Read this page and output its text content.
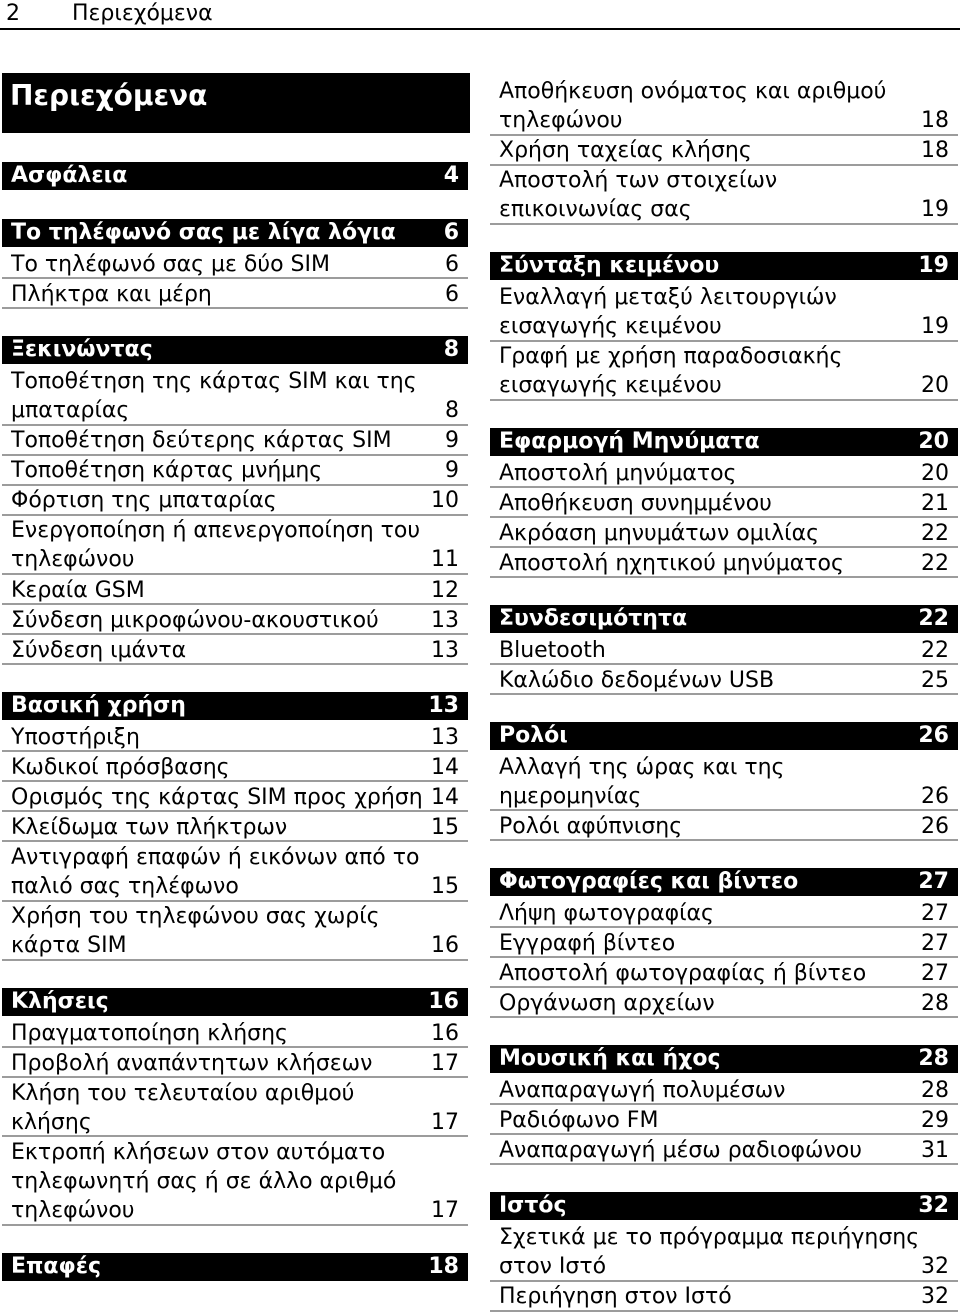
2 Περιεχόμενα
Περιεχόμενα
Ασφάλεια	4
Το τηλέφωνό σας με λίγα λόγια 6
Το τηλέφωνό σας με δύο SIM	6
Πλήκτρα και μέρη	6
Ξεκινώντας	8
Τοποθέτηση της κάρτας SIM και της
μπαταρίας	8
Τοποθέτηση δεύτερης κάρτας SIM 9
Τοποθέτηση κάρτας μνήμης	9
Φόρτιση της μπαταρίας	10
Ενεργοποίηση ή απενεργοποίηση του
τηλεφώνου	11
Κεραία GSM	12
Σύνδεση μικροφώνου-ακουστικού 13
Σύνδεση ιμάντα	13
Βασική χρήση	13
Υποστήριξη	13
Κωδικοί πρόσβασης	14
Ορισμός της κάρτας SIM προς χρήση 14
Κλείδωμα των πλήκτρων	15
Αντιγραφή επαφών ή εικόνων από το
παλιό σας τηλέφωνο	15
Χρήση του τηλεφώνου σας χωρίς
κάρτα SIM	16
Κλήσεις	16
Πραγματοποίηση κλήσης	16
Προβολή αναπάντητων κλήσεων	17
Κλήση του τελευταίου αριθμού
κλήσης	17
Εκτροπή κλήσεων στον αυτόματο
τηλεφωνητή σας ή σε άλλο αριθμό
τηλεφώνου	17
Επαφές	18
Αποθήκευση ονόματος και αριθμού
τηλεφώνου	18
Χρήση ταχείας κλήσης	18
Αποστολή των στοιχείων
επικοινωνίας σας	19
Σύνταξη κειμένου	19
Εναλλαγή μεταξύ λειτουργιών
εισαγωγής κειμένου	19
Γραφή με χρήση παραδοσιακής
εισαγωγής κειμένου	20
Εφαρμογή Μηνύματα	20
Αποστολή μηνύματος	20
Αποθήκευση συνημμένου	21
Ακρόαση μηνυμάτων ομιλίας	22
Αποστολή ηχητικού μηνύματος	22
Συνδεσιμότητα	22
Bluetooth	22
Καλώδιο δεδομένων USB	25
Ρολόι	26
Αλλαγή της ώρας και της
ημερομηνίας	26
Ρολόι αφύπνισης	26
Φωτογραφίες και βίντεο	27
Λήψη φωτογραφίας	27
Εγγραφή βίντεο	27
Αποστολή φωτογραφίας ή βίντεο 27
Οργάνωση αρχείων	28
Μουσική και ήχος	28
Αναπαραγωγή πολυμέσων	28
Ραδιόφωνο FM	29
Αναπαραγωγή μέσω ραδιοφώνου	31
Ιστός	32
Σχετικά με το πρόγραμμα περιήγησης
στον Ιστό	32
Περιήγηση στον Ιστό	32
